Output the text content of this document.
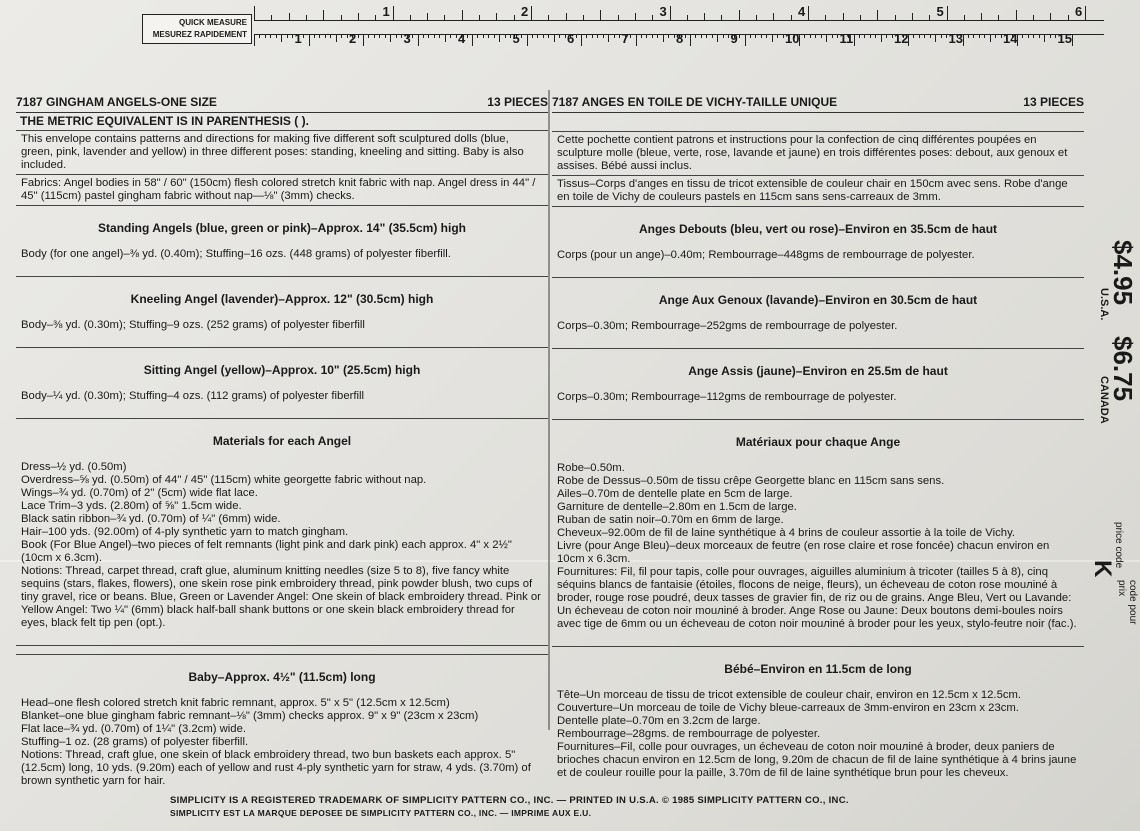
QUICK MEASURE
MESUREZ RAPIDEMENT
1	2	3	4	5	6
1	2	3	4	5	6	7	8	9	10	11	12	13	14	15
7187 GINGHAM ANGELS-ONE SIZE	13 PIECES
THE METRIC EQUIVALENT IS IN PARENTHESIS ( ).
This envelope contains patterns and directions for making five different soft sculptured dolls (blue, green, pink, lavender and yellow) in three different poses: standing, kneeling and sitting. Baby is also included.
Fabrics: Angel bodies in 58" / 60" (150cm) flesh colored stretch knit fabric with nap. Angel dress in 44" / 45" (115cm) pastel gingham fabric without nap—⅛" (3mm) checks.

Standing Angels (blue, green or pink)–Approx. 14" (35.5cm) high

Body (for one angel)–⅜ yd. (0.40m); Stuffing–16 ozs. (448 grams) of polyester fiberfill.

Kneeling Angel (lavender)–Approx. 12" (30.5cm) high

Body–⅜ yd. (0.30m); Stuffing–9 ozs. (252 grams) of polyester fiberfill

Sitting Angel (yellow)–Approx. 10" (25.5cm) high

Body–¼ yd. (0.30m); Stuffing–4 ozs. (112 grams) of polyester fiberfill

Materials for each Angel

Dress–½ yd. (0.50m)
Overdress–⅝ yd. (0.50m) of 44" / 45" (115cm) white georgette fabric without nap.
Wings–¾ yd. (0.70m) of 2" (5cm) wide flat lace.
Lace Trim–3 yds. (2.80m) of ⅝" 1.5cm wide.
Black satin ribbon–¾ yd. (0.70m) of ¼" (6mm) wide.
Hair–100 yds. (92.00m) of 4-ply synthetic yarn to match gingham.
Book (For Blue Angel)–two pieces of felt remnants (light pink and dark pink) each approx. 4" x 2½" (10cm x 6.3cm).
Notions: Thread, carpet thread, craft glue, aluminum knitting needles (size 5 to 8), five fancy white sequins (stars, flakes, flowers), one skein rose pink embroidery thread, pink powder blush, two cups of tiny gravel, rice or beans. Blue, Green or Lavender Angel: One skein of black embroidery thread. Pink or Yellow Angel: Two ¼" (6mm) black half-ball shank buttons or one skein black embroidery thread for eyes, black felt tip pen (opt.).

Baby–Approx. 4½" (11.5cm) long

Head–one flesh colored stretch knit fabric remnant, approx. 5" x 5" (12.5cm x 12.5cm)
Blanket–one blue gingham fabric remnant–⅛" (3mm) checks approx. 9" x 9" (23cm x 23cm)
Flat lace–¾ yd. (0.70m) of 1¼" (3.2cm) wide.
Stuffing–1 oz. (28 grams) of polyester fiberfill.
Notions: Thread, craft glue, one skein of black embroidery thread, two bun baskets each approx. 5" (12.5cm) long, 10 yds. (9.20m) each of yellow and rust 4-ply synthetic yarn for straw, 4 yds. (3.70m) of brown synthetic yarn for hair.

7187 ANGES EN TOILE DE VICHY-TAILLE UNIQUE	13 PIECES
Cette pochette contient patrons et instructions pour la confection de cinq différentes poupées en sculpture molle (bleue, verte, rose, lavande et jaune) en trois différentes poses: debout, aux genoux et assises. Bébé aussi inclus.
Tissus–Corps d'anges en tissu de tricot extensible de couleur chair en 150cm avec sens. Robe d'ange en toile de Vichy de couleurs pastels en 115cm sans sens-carreaux de 3mm.

Anges Debouts (bleu, vert ou rose)–Environ en 35.5cm de haut

Corps (pour un ange)–0.40m; Rembourrage–448gms de rembourrage de polyester.

Ange Aux Genoux (lavande)–Environ en 30.5cm de haut

Corps–0.30m; Rembourrage–252gms de rembourrage de polyester.

Ange Assis (jaune)–Environ en 25.5m de haut

Corps–0.30m; Rembourrage–112gms de rembourrage de polyester.

Matériaux pour chaque Ange

Robe–0.50m.
Robe de Dessus–0.50m de tissu crêpe Georgette blanc en 115cm sans sens.
Ailes–0.70m de dentelle plate en 5cm de large.
Garniture de dentelle–2.80m en 1.5cm de large.
Ruban de satin noir–0.70m en 6mm de large.
Cheveux–92.00m de fil de laine synthétique à 4 brins de couleur assortie à la toile de Vichy.
Livre (pour Ange Bleu)–deux morceaux de feutre (en rose claire et rose foncée) chacun environ en 10cm x 6.3cm.
Fournitures: Fil, fil pour tapis, colle pour ouvrages, aiguilles aluminium à tricoter (tailles 5 à 8), cinq séquins blancs de fantaisie (étoiles, flocons de neige, fleurs), un écheveau de coton rose mouлiné à broder, rouge rose poudré, deux tasses de gravier fin, de riz ou de grains. Ange Bleu, Vert ou Lavande: Un écheveau de coton noir mouлiné à broder. Ange Rose ou Jaune: Deux boutons demi-boules noirs avec tige de 6mm ou un écheveau de coton noir mouлiné à broder pour les yeux, stylo-feutre noir (fac.).

Bébé–Environ en 11.5cm de long

Tête–Un morceau de tissu de tricot extensible de couleur chair, environ en 12.5cm x 12.5cm.
Couverture–Un morceau de toile de Vichy bleue-carreaux de 3mm-environ en 23cm x 23cm.
Dentelle plate–0.70m en 3.2cm de large.
Rembourrage–28gms. de rembourrage de polyester.
Fournitures–Fil, colle pour ouvrages, un écheveau de coton noir mouлiné à broder, deux paniers de brioches chacun environ en 12.5cm de long, 9.20m de chacun de fil de laine synthétique à 4 brins jaune et de couleur rouille pour la paille, 3.70m de fil de laine synthétique brun pour les cheveux.

$4.95
U.S.A.
$6.75
CANADA
price code
K
code pour prix
SIMPLICITY IS A REGISTERED TRADEMARK OF SIMPLICITY PATTERN CO., INC. — PRINTED IN U.S.A. © 1985 SIMPLICITY PATTERN CO., INC.
SIMPLICITY EST LA MARQUE DEPOSEE DE SIMPLICITY PATTERN CO., INC. — IMPRIME AUX E.U.
